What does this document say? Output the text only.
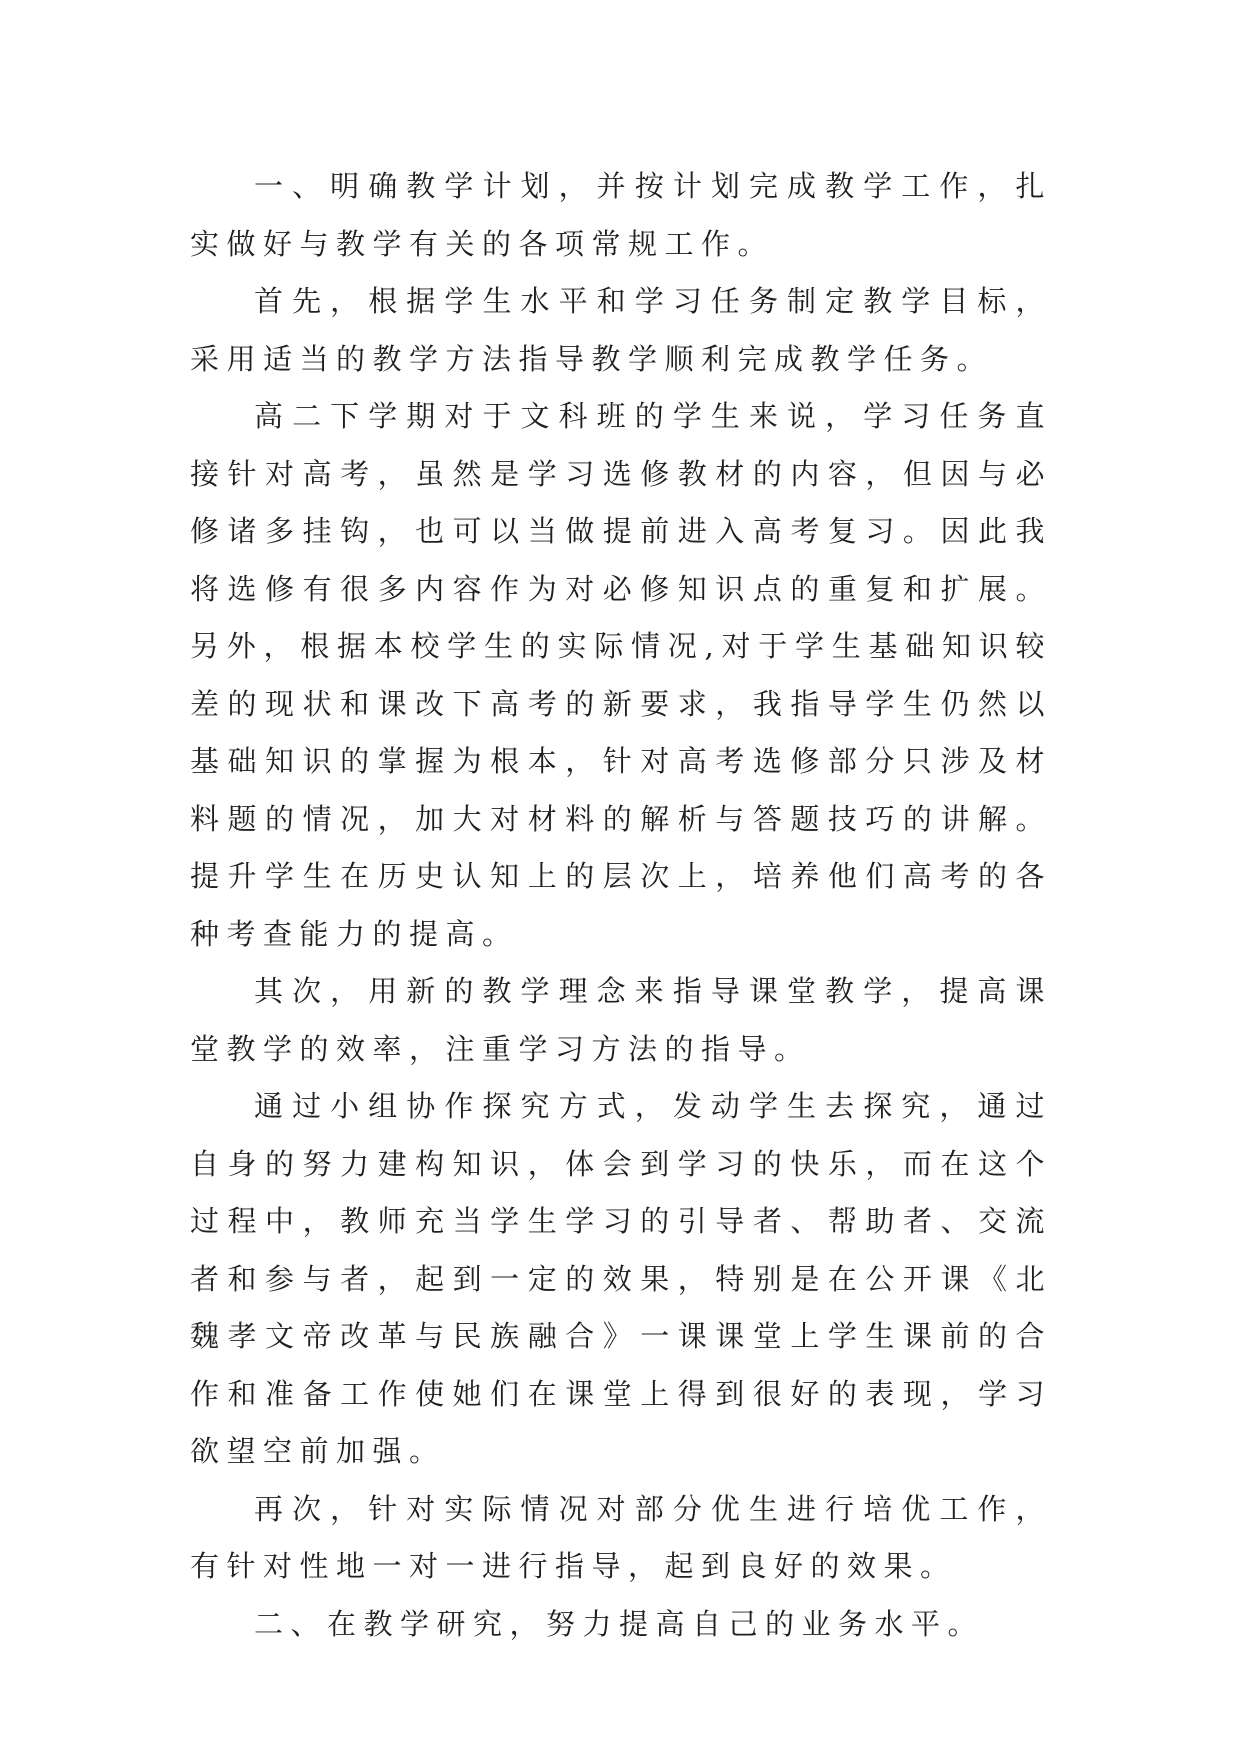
一、明确教学计划，并按计划完成教学工作，扎实做好与教学有关的各项常规工作。

首先，根据学生水平和学习任务制定教学目标，采用适当的教学方法指导教学顺利完成教学任务。

高二下学期对于文科班的学生来说，学习任务直接针对高考，虽然是学习选修教材的内容，但因与必修诸多挂钩，也可以当做提前进入高考复习。因此我将选修有很多内容作为对必修知识点的重复和扩展。另外，根据本校学生的实际情况,对于学生基础知识较差的现状和课改下高考的新要求，我指导学生仍然以基础知识的掌握为根本，针对高考选修部分只涉及材料题的情况，加大对材料的解析与答题技巧的讲解。提升学生在历史认知上的层次上，培养他们高考的各种考查能力的提高。

其次，用新的教学理念来指导课堂教学，提高课堂教学的效率，注重学习方法的指导。

通过小组协作探究方式，发动学生去探究，通过自身的努力建构知识，体会到学习的快乐，而在这个过程中，教师充当学生学习的引导者、帮助者、交流者和参与者，起到一定的效果，特别是在公开课《北魏孝文帝改革与民族融合》一课课堂上学生课前的合作和准备工作使她们在课堂上得到很好的表现，学习欲望空前加强。

再次，针对实际情况对部分优生进行培优工作，有针对性地一对一进行指导，起到良好的效果。

二、在教学研究，努力提高自己的业务水平。
